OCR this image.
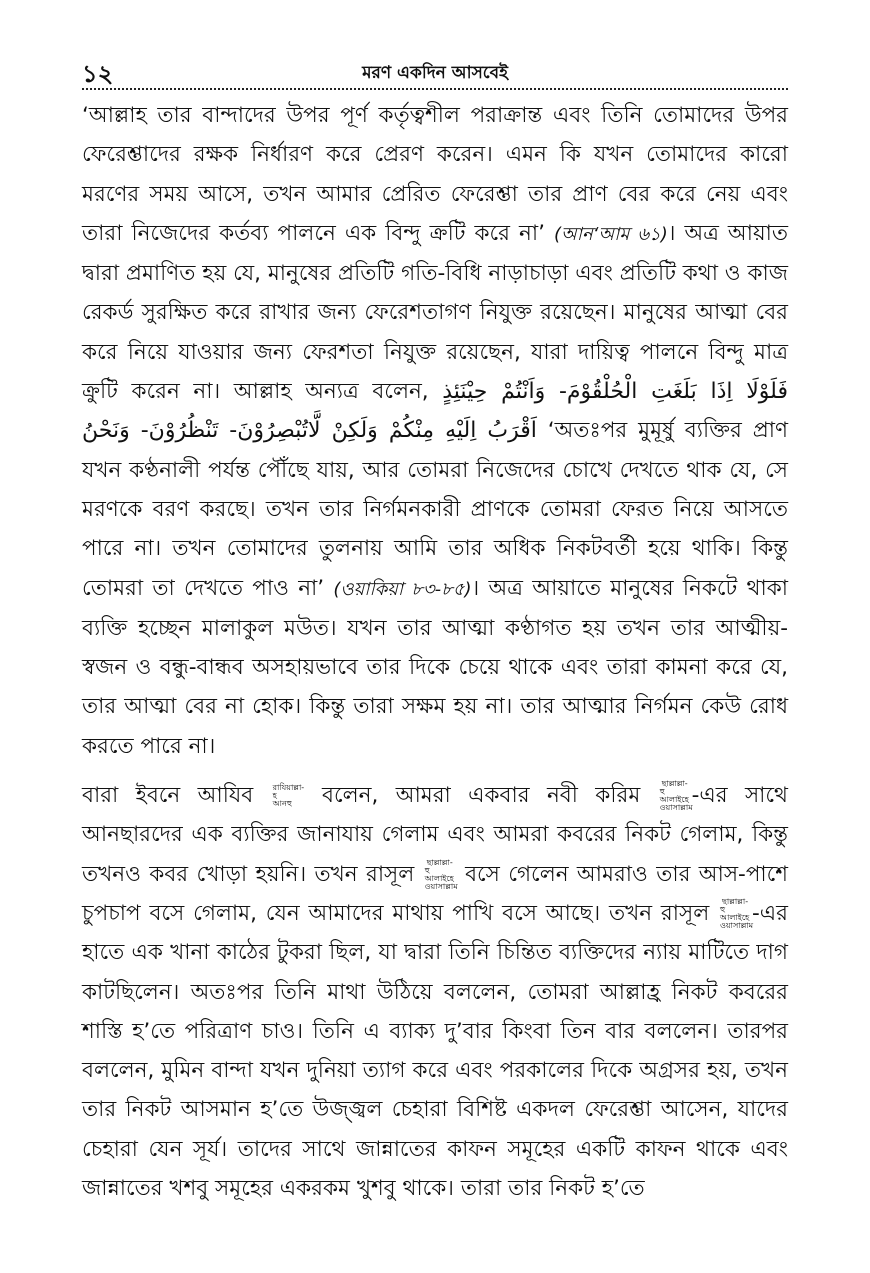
১২	মরণ একদিন আসবেই

‘আল্লাহ তার বান্দাদের উপর পূর্ণ কর্তৃত্বশীল পরাক্রান্ত এবং তিনি তোমাদের উপর ফেরেশ্তাদের রক্ষক নির্ধারণ করে প্রেরণ করেন। এমন কি যখন তোমাদের কারো মরণের সময় আসে, তখন আমার প্রেরিত ফেরেশ্তা তার প্রাণ বের করে নেয় এবং তারা নিজেদের কর্তব্য পালনে এক বিন্দু ক্রটি করে না’ (আন‘আম ৬১)। অত্র আয়াত দ্বারা প্রমাণিত হয় যে, মানুষের প্রতিটি গতি-বিধি নাড়াচাড়া এবং প্রতিটি কথা ও কাজ রেকর্ড সুরক্ষিত করে রাখার জন্য ফেরেশতাগণ নিযুক্ত রয়েছেন। মানুষের আত্মা বের করে নিয়ে যাওয়ার জন্য ফেরশতা নিযুক্ত রয়েছেন, যারা দায়িত্ব পালনে বিন্দু মাত্র ক্রুটি করেন না। আল্লাহ অন্যত্র বলেন, فَلَوْلَا اِذَا بَلَغَتِ الْحُلْقُوْمَ- وَاَنْتُمْ حِيْنَئِذٍ تَنْظُرُوْنَ- وَنَحْنُ اَقْرَبُ اِلَيْهِ مِنْكُمْ وَلَكِنْ لَّاتُبْصِرُوْنَ- ‘অতঃপর মুমূর্ষু ব্যক্তির প্রাণ যখন কণ্ঠনালী পর্যন্ত পৌঁছে যায়, আর তোমরা নিজেদের চোখে দেখতে থাক যে, সে মরণকে বরণ করছে। তখন তার নির্গমনকারী প্রাণকে তোমরা ফেরত নিয়ে আসতে পারে না। তখন তোমাদের তুলনায় আমি তার অধিক নিকটবর্তী হয়ে থাকি। কিন্তু তোমরা তা দেখতে পাও না’ (ওয়াকিয়া ৮৩-৮৫)। অত্র আয়াতে মানুষের নিকটে থাকা ব্যক্তি হচ্ছেন মালাকুল মউত। যখন তার আত্মা কণ্ঠাগত হয় তখন তার আত্মীয়-স্বজন ও বন্ধু-বান্ধব অসহায়ভাবে তার দিকে চেয়ে থাকে এবং তারা কামনা করে যে, তার আত্মা বের না হোক। কিন্তু তারা সক্ষম হয় না। তার আত্মার নির্গমন কেউ রোধ করতে পারে না।

বারা ইবনে আযিব রাযিয়াল্লা-হ
আনহু	বলেন, আমরা একবার নবী করিম	ছাল্লাল্লা-হু
আলাইহে
ওয়াসাল্লাম -এর সাথে আনছারদের এক ব্যক্তির জানাযায় গেলাম এবং আমরা কবরের নিকট গেলাম, কিন্তু তখনও কবর খোড়া হয়নি। তখন রাসূল ছাল্লাল্লা-হু
আলাইহে
ওয়াসাল্লাম বসে গেলেন আমরাও তার আস-পাশে চুপচাপ বসে গেলাম, যেন আমাদের মাথায় পাখি বসে আছে। তখন রাসূল ছাল্লাল্লা-হু
আলাইহে
ওয়াসাল্লাম -এর হাতে এক খানা কাঠের টুকরা ছিল, যা দ্বারা তিনি চিন্তিত ব্যক্তিদের ন্যায় মাটিতে দাগ কাটছিলেন। অতঃপর তিনি মাথা উঠিয়ে বললেন, তোমরা আল্লাহ্র নিকট কবরের শাস্তি হ’তে পরিত্রাণ চাও। তিনি এ ব্যাক্য দু’বার কিংবা তিন বার বললেন। তারপর বললেন, মুমিন বান্দা যখন দুনিয়া ত্যাগ করে এবং পরকালের দিকে অগ্রসর হয়, তখন তার নিকট আসমান হ’তে উজ্জ্বল চেহারা বিশিষ্ট একদল ফেরেশ্তা আসেন, যাদের চেহারা যেন সূর্য। তাদের সাথে জান্নাতের কাফন সমূহের একটি কাফন থাকে এবং জান্নাতের খশবু সমূহের একরকম খুশবু থাকে। তারা তার নিকট হ’তে
